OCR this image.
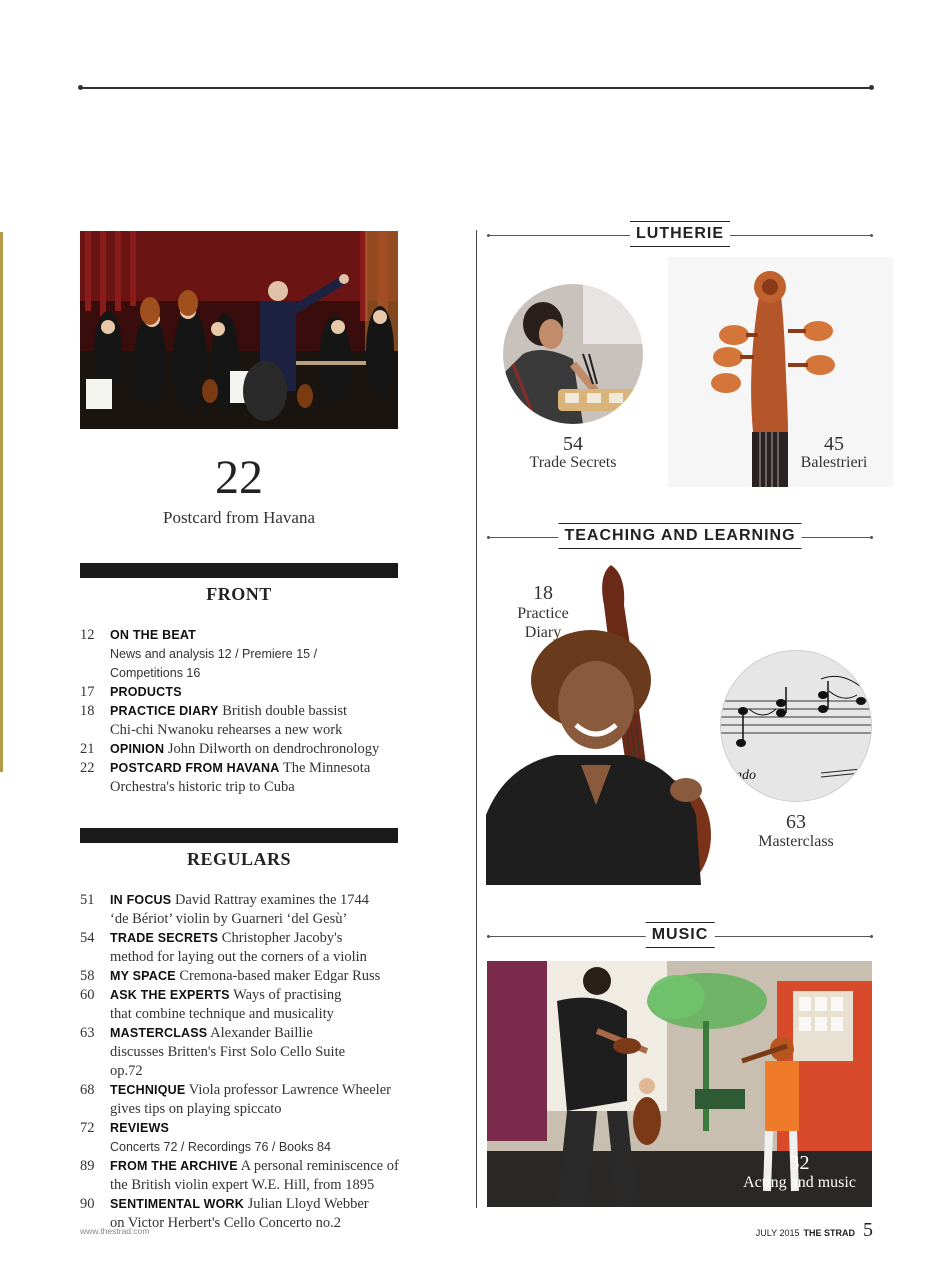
22
Postcard from Havana
FRONT
12	ON THE BEAT
News and analysis 12 / Premiere 15 / Competitions 16
17	PRODUCTS
18	PRACTICE DIARY British double bassist Chi-chi Nwanoku rehearses a new work
21	OPINION John Dilworth on dendrochronology
22	POSTCARD FROM HAVANA The Minnesota Orchestra's historic trip to Cuba
REGULARS
51	IN FOCUS David Rattray examines the 1744 ‘de Bériot’ violin by Guarneri ‘del Gesù’
54	TRADE SECRETS Christopher Jacoby's method for laying out the corners of a violin
58	MY SPACE Cremona-based maker Edgar Russ
60	ASK THE EXPERTS Ways of practising that combine technique and musicality
63	MASTERCLASS Alexander Baillie discusses Britten's First Solo Cello Suite op.72
68	TECHNIQUE Viola professor Lawrence Wheeler gives tips on playing spiccato
72	REVIEWS
Concerts 72 / Recordings 76 / Books 84
89	FROM THE ARCHIVE A personal reminiscence of the British violin expert W.E. Hill, from 1895
90	SENTIMENTAL WORK Julian Lloyd Webber on Victor Herbert's Cello Concerto no.2
LUTHERIE
54
Trade Secrets
45
Balestrieri
TEACHING AND LEARNING
18
Practice
Diary
ndo
63
Masterclass
MUSIC
32
Acting and music
www.thestrad.com	JULY 2015 THE STRAD 5
